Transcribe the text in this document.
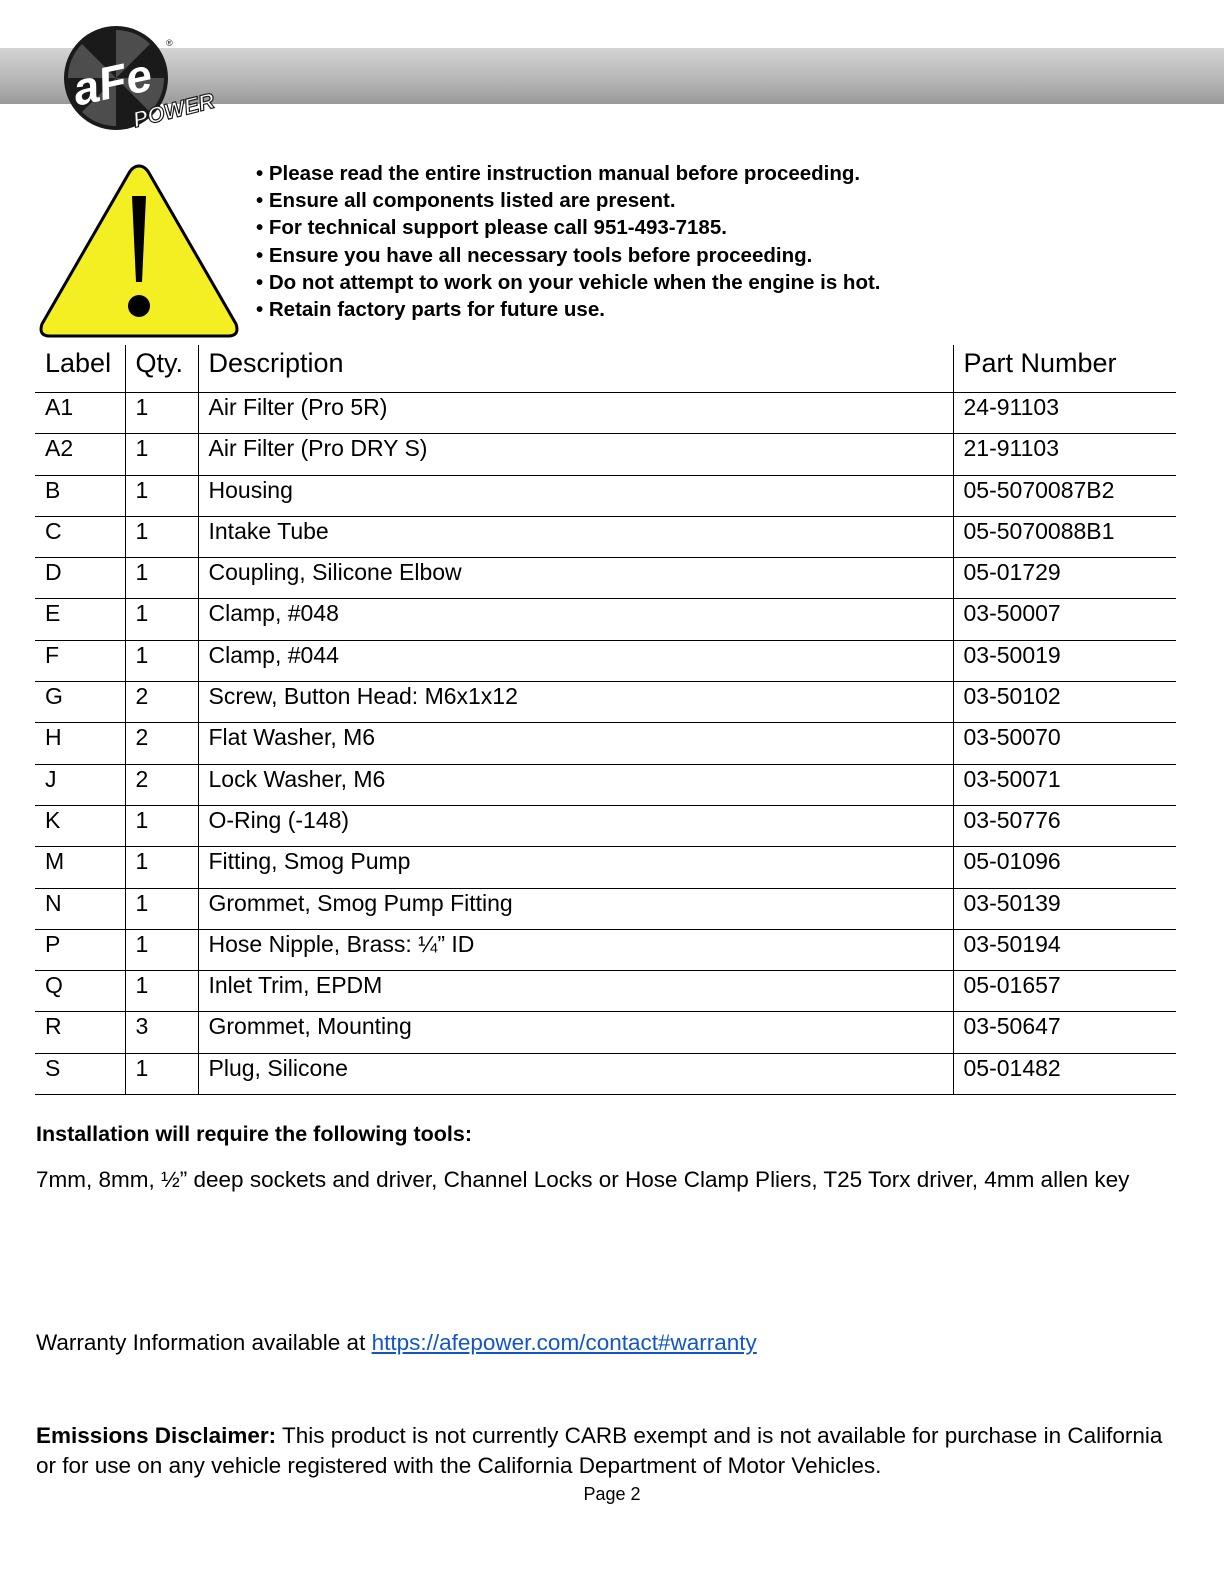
aFe
POWER
®
• Please read the entire instruction manual before proceeding.
• Ensure all components listed are present.
• For technical support please call 951-493-7185.
• Ensure you have all necessary tools before proceeding.
• Do not attempt to work on your vehicle when the engine is hot.
• Retain factory parts for future use.
Label	Qty.	Description	Part Number
A1	1	Air Filter (Pro 5R)	24-91103
A2	1	Air Filter (Pro DRY S)	21-91103
B	1	Housing	05-5070087B2
C	1	Intake Tube	05-5070088B1
D	1	Coupling, Silicone Elbow	05-01729
E	1	Clamp, #048	03-50007
F	1	Clamp, #044	03-50019
G	2	Screw, Button Head: M6x1x12	03-50102
H	2	Flat Washer, M6	03-50070
J	2	Lock Washer, M6	03-50071
K	1	O-Ring (-148)	03-50776
M	1	Fitting, Smog Pump	05-01096
N	1	Grommet, Smog Pump Fitting	03-50139
P	1	Hose Nipple, Brass: ¼” ID	03-50194
Q	1	Inlet Trim, EPDM	05-01657
R	3	Grommet, Mounting	03-50647
S	1	Plug, Silicone	05-01482
Installation will require the following tools:
7mm, 8mm, ½” deep sockets and driver, Channel Locks or Hose Clamp Pliers, T25 Torx driver, 4mm allen key
Warranty Information available at https://afepower.com/contact#warranty
Emissions Disclaimer: This product is not currently CARB exempt and is not available for purchase in California or for use on any vehicle registered with the California Department of Motor Vehicles.
Page 2
